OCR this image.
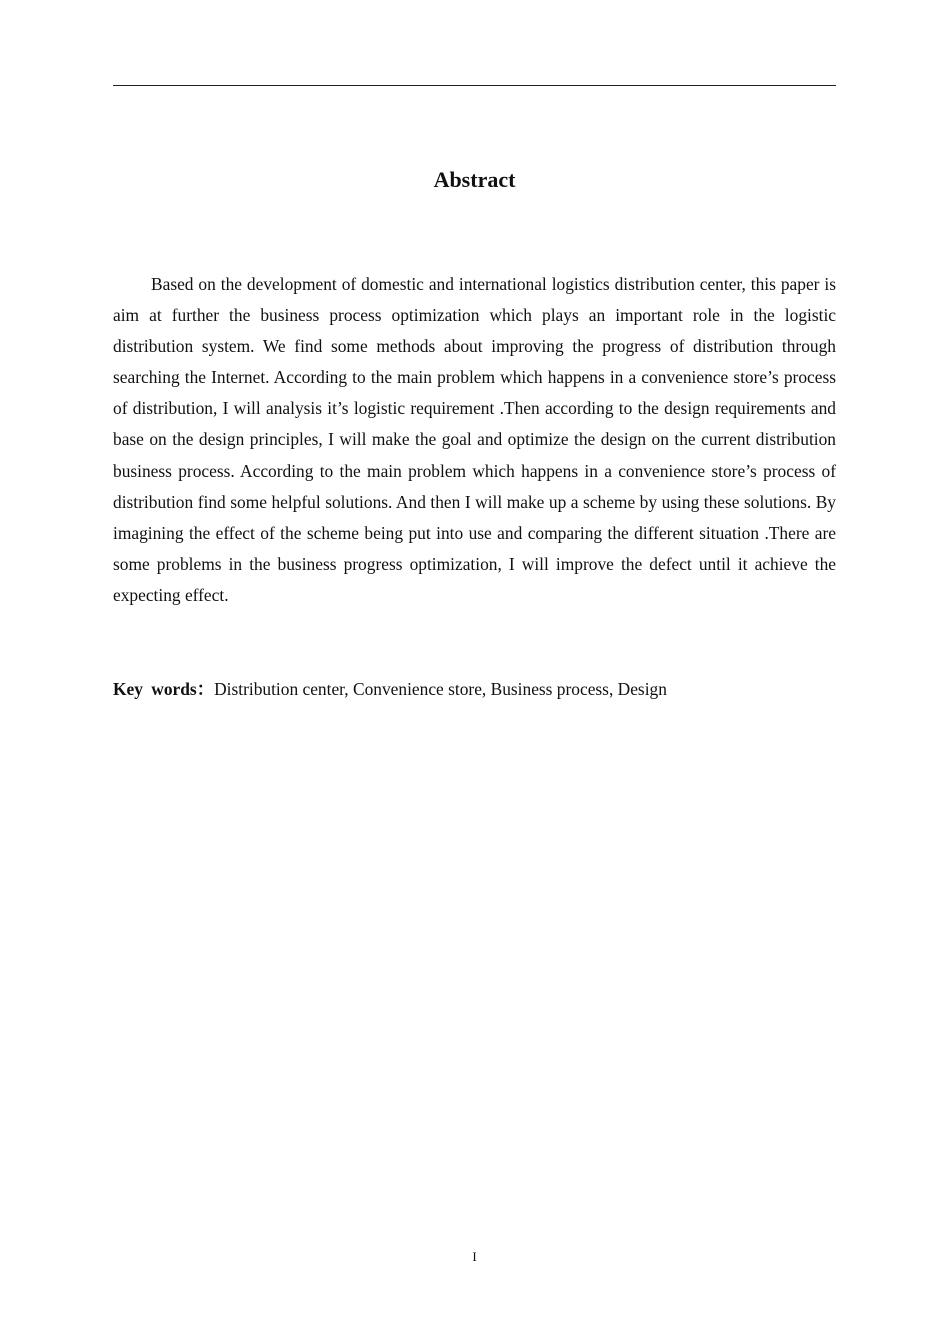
Abstract

Based on the development of domestic and international logistics distribution center, this paper is aim at further the business process optimization which plays an important role in the logistic distribution system. We find some methods about improving the progress of distribution through searching the Internet. According to the main problem which happens in a convenience store’s process of distribution, I will analysis it’s logistic requirement .Then according to the design requirements and base on the design principles, I will make the goal and optimize the design on the current distribution business process. According to the main problem which happens in a convenience store’s process of distribution find some helpful solutions. And then I will make up a scheme by using these solutions. By imagining the effect of the scheme being put into use and comparing the different situation .There are some problems in the business progress optimization, I will improve the defect until it achieve the expecting effect.

Key words：Distribution center, Convenience store, Business process, Design

I
